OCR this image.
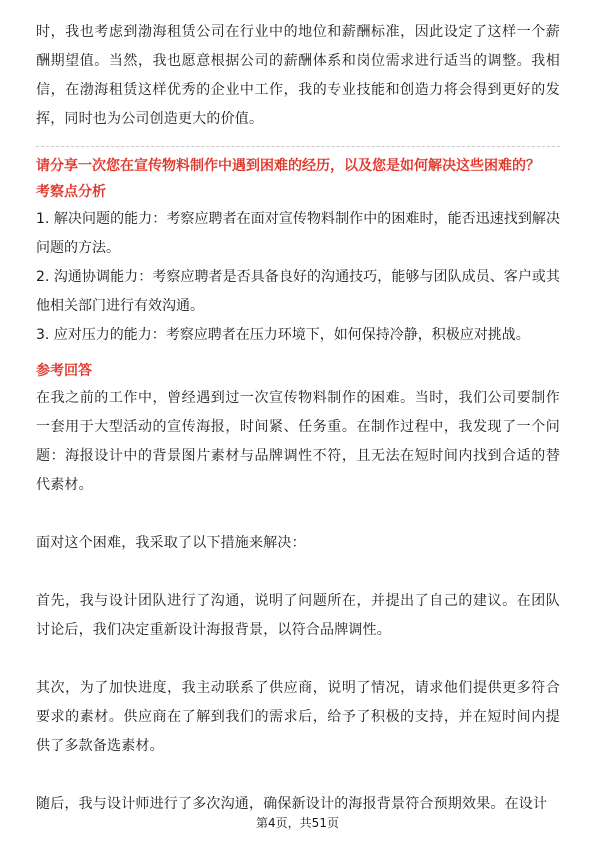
时，我也考虑到渤海租赁公司在行业中的地位和薪酬标准，因此设定了这样一个薪酬期望值。当然，我也愿意根据公司的薪酬体系和岗位需求进行适当的调整。我相信，在渤海租赁这样优秀的企业中工作，我的专业技能和创造力将会得到更好的发挥，同时也为公司创造更大的价值。

请分享一次您在宣传物料制作中遇到困难的经历，以及您是如何解决这些困难的？

考察点分析

1. 解决问题的能力：考察应聘者在面对宣传物料制作中的困难时，能否迅速找到解决问题的方法。

2. 沟通协调能力：考察应聘者是否具备良好的沟通技巧，能够与团队成员、客户或其他相关部门进行有效沟通。

3. 应对压力的能力：考察应聘者在压力环境下，如何保持冷静，积极应对挑战。

参考回答

在我之前的工作中，曾经遇到过一次宣传物料制作的困难。当时，我们公司要制作一套用于大型活动的宣传海报，时间紧、任务重。在制作过程中，我发现了一个问题：海报设计中的背景图片素材与品牌调性不符，且无法在短时间内找到合适的替代素材。

面对这个困难，我采取了以下措施来解决：

首先，我与设计团队进行了沟通，说明了问题所在，并提出了自己的建议。在团队讨论后，我们决定重新设计海报背景，以符合品牌调性。

其次，为了加快进度，我主动联系了供应商，说明了情况，请求他们提供更多符合要求的素材。供应商在了解到我们的需求后，给予了积极的支持，并在短时间内提供了多款备选素材。

随后，我与设计师进行了多次沟通，确保新设计的海报背景符合预期效果。在设计

第4页，共51页
